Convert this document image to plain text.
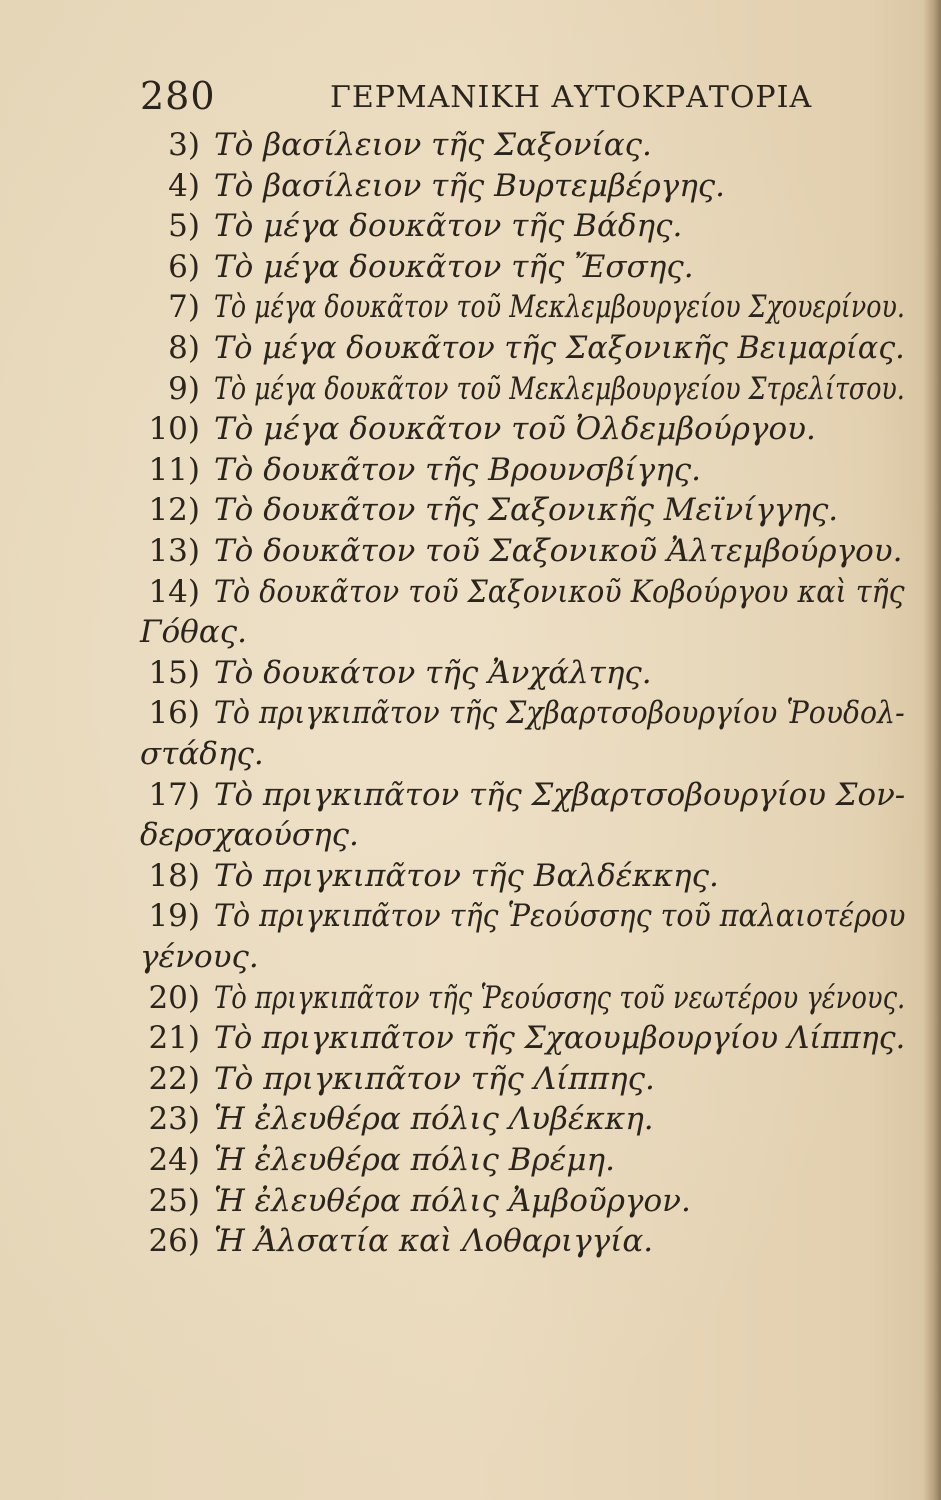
280	ΓΕΡΜΑΝΙΚΗ ΑΥΤΟΚΡΑΤΟΡΙΑ
3) Τὸ βασίλειον τῆς Σαξονίας.
4) Τὸ βασίλειον τῆς Βυρτεμβέργης.
5) Τὸ μέγα δουκᾶτον τῆς Βάδης.
6) Τὸ μέγα δουκᾶτον τῆς Ἔσσης.
7) Τὸ μέγα δουκᾶτον τοῦ Μεκλεμβουργείου Σχουερίνου.
8) Τὸ μέγα δουκᾶτον τῆς Σαξονικῆς Βειμαρίας.
9) Τὸ μέγα δουκᾶτον τοῦ Μεκλεμβουργείου Στρελίτσου.
10) Τὸ μέγα δουκᾶτον τοῦ Ὀλδεμβούργου.
11) Τὸ δουκᾶτον τῆς Βρουνσβίγης.
12) Τὸ δουκᾶτον τῆς Σαξονικῆς Μεϊνίγγης.
13) Τὸ δουκᾶτον τοῦ Σαξονικοῦ Ἀλτεμβούργου.
14) Τὸ δουκᾶτον τοῦ Σαξονικοῦ Κοβούργου καὶ τῆς
Γόθας.
15) Τὸ δουκάτον τῆς Ἀνχάλτης.
16) Τὸ πριγκιπᾶτον τῆς Σχβαρτσοβουργίου Ῥουδολ-
στάδης.
17) Τὸ πριγκιπᾶτον τῆς Σχβαρτσοβουργίου Σον-
δερσχαούσης.
18) Τὸ πριγκιπᾶτον τῆς Βαλδέκκης.
19) Τὸ πριγκιπᾶτον τῆς Ῥεούσσης τοῦ παλαιοτέρου
γένους.
20) Τὸ πριγκιπᾶτον τῆς Ῥεούσσης τοῦ νεωτέρου γένους.
21) Τὸ πριγκιπᾶτον τῆς Σχαουμβουργίου Λίππης.
22) Τὸ πριγκιπᾶτον τῆς Λίππης.
23) Ἡ ἐλευθέρα πόλις Λυβέκκη.
24) Ἡ ἐλευθέρα πόλις Βρέμη.
25) Ἡ ἐλευθέρα πόλις Ἀμβοῦργον.
26) Ἡ Ἀλσατία καὶ Λοθαριγγία.
